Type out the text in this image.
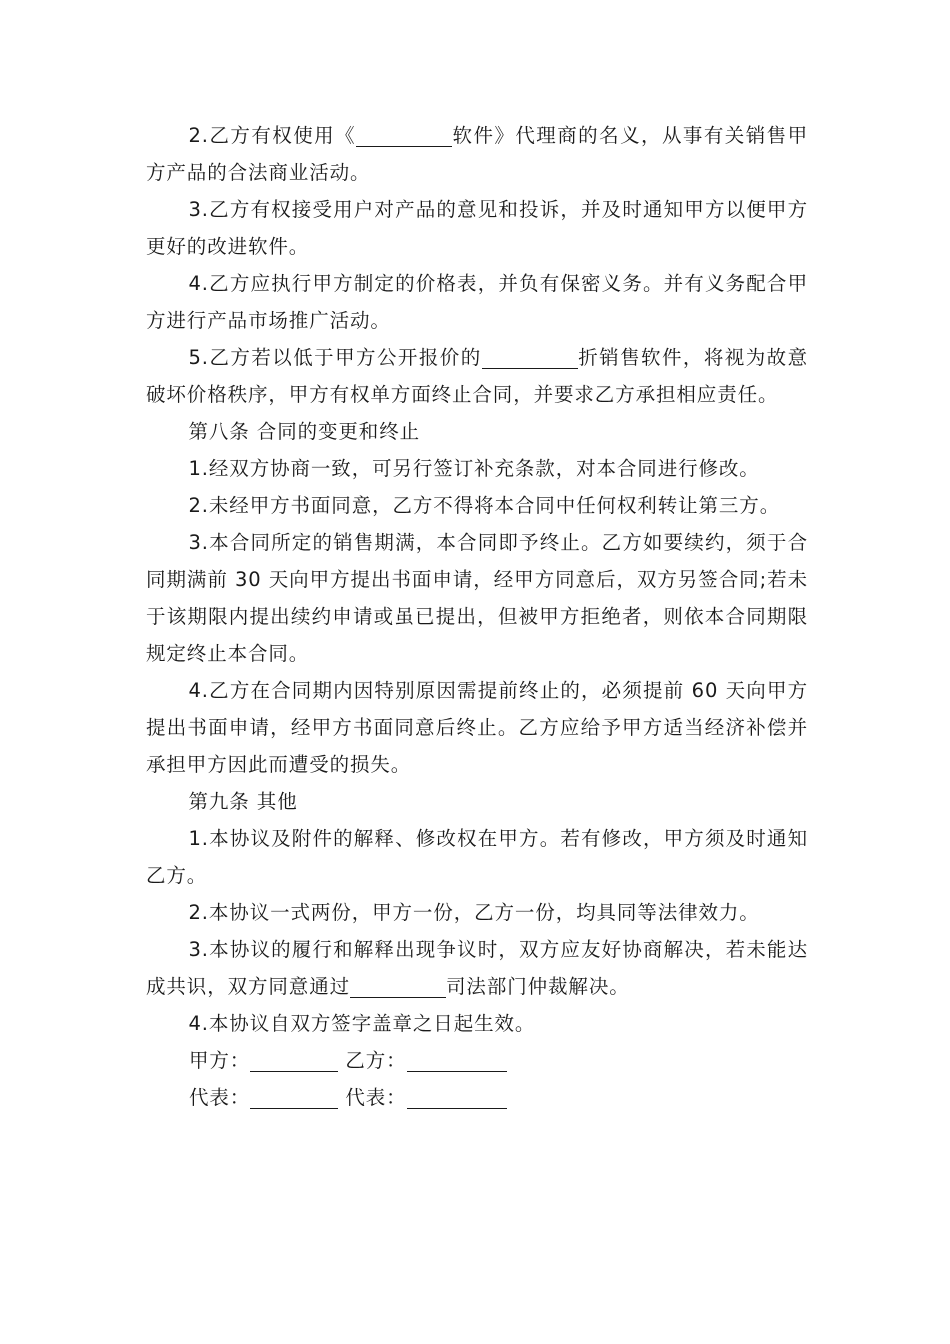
2.乙方有权使用《	软件》代理商的名义，从事有关销售甲方产品的合法商业活动。

3.乙方有权接受用户对产品的意见和投诉，并及时通知甲方以便甲方更好的改进软件。

4.乙方应执行甲方制定的价格表，并负有保密义务。并有义务配合甲方进行产品市场推广活动。

5.乙方若以低于甲方公开报价的	折销售软件，将视为故意破坏价格秩序，甲方有权单方面终止合同，并要求乙方承担相应责任。

第八条 合同的变更和终止

1.经双方协商一致，可另行签订补充条款，对本合同进行修改。

2.未经甲方书面同意，乙方不得将本合同中任何权利转让第三方。

3.本合同所定的销售期满，本合同即予终止。乙方如要续约，须于合同期满前 30 天向甲方提出书面申请，经甲方同意后，双方另签合同;若未于该期限内提出续约申请或虽已提出，但被甲方拒绝者，则依本合同期限规定终止本合同。

4.乙方在合同期内因特别原因需提前终止的，必须提前 60 天向甲方提出书面申请，经甲方书面同意后终止。乙方应给予甲方适当经济补偿并承担甲方因此而遭受的损失。

第九条 其他

1.本协议及附件的解释、修改权在甲方。若有修改，甲方须及时通知乙方。

2.本协议一式两份，甲方一份，乙方一份，均具同等法律效力。

3.本协议的履行和解释出现争议时，双方应友好协商解决，若未能达成共识，双方同意通过	司法部门仲裁解决。

4.本协议自双方签字盖章之日起生效。

甲方：	乙方：

代表：	代表：
